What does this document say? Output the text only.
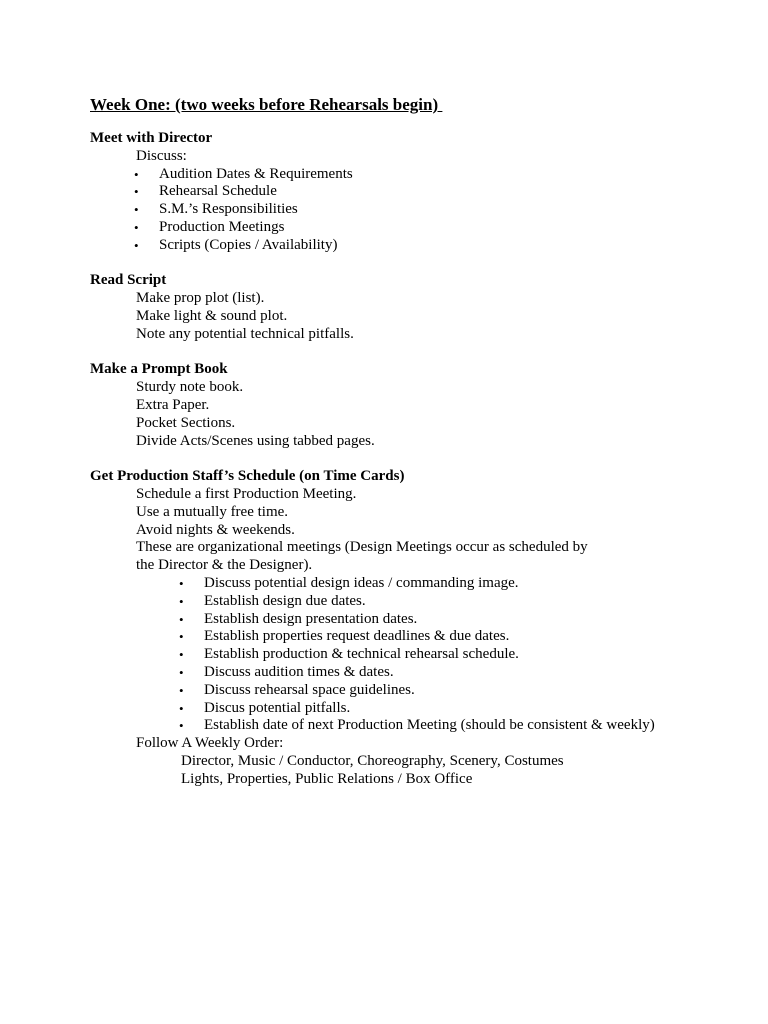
Week One: (two weeks before Rehearsals begin)
Meet with Director
Discuss:
• Audition Dates & Requirements
• Rehearsal Schedule
• S.M.’s Responsibilities
• Production Meetings
• Scripts (Copies / Availability)
Read Script
Make prop plot (list).
Make light & sound plot.
Note any potential technical pitfalls.
Make a Prompt Book
Sturdy note book.
Extra Paper.
Pocket Sections.
Divide Acts/Scenes using tabbed pages.
Get Production Staff’s Schedule (on Time Cards)
Schedule a first Production Meeting.
Use a mutually free time.
Avoid nights & weekends.
These are organizational meetings (Design Meetings occur as scheduled by
the Director & the Designer).
• Discuss potential design ideas / commanding image.
• Establish design due dates.
• Establish design presentation dates.
• Establish properties request deadlines & due dates.
• Establish production & technical rehearsal schedule.
• Discuss audition times & dates.
• Discuss rehearsal space guidelines.
• Discus potential pitfalls.
• Establish date of next Production Meeting (should be consistent & weekly)
Follow A Weekly Order:
Director, Music / Conductor, Choreography, Scenery, Costumes
Lights, Properties, Public Relations / Box Office
